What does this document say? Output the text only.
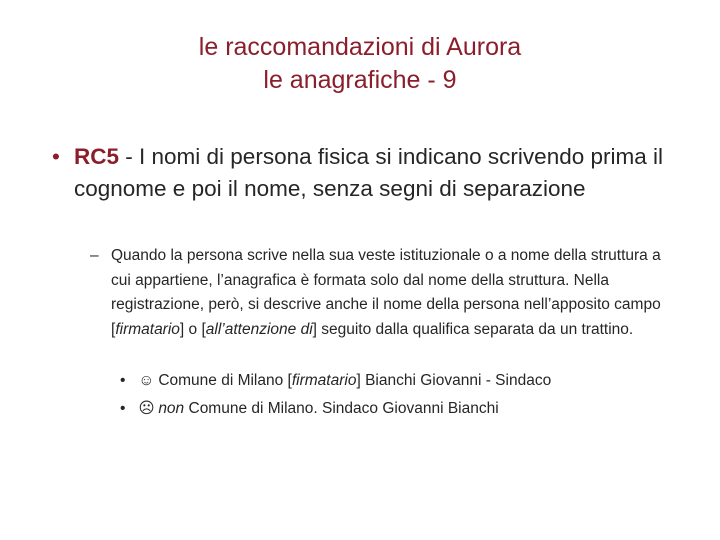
le raccomandazioni di Aurora
le anagrafiche - 9
• RC5 - I nomi di persona fisica si indicano scrivendo prima il cognome e poi il nome, senza segni di separazione
– Quando la persona scrive nella sua veste istituzionale o a nome della struttura a cui appartiene, l’anagrafica è formata solo dal nome della struttura. Nella registrazione, però, si descrive anche il nome della persona nell’apposito campo [firmatario] o [all’attenzione di] seguito dalla qualifica separata da un trattino.
• ☺ Comune di Milano [firmatario] Bianchi Giovanni - Sindaco
• ☹ non Comune di Milano. Sindaco Giovanni Bianchi
